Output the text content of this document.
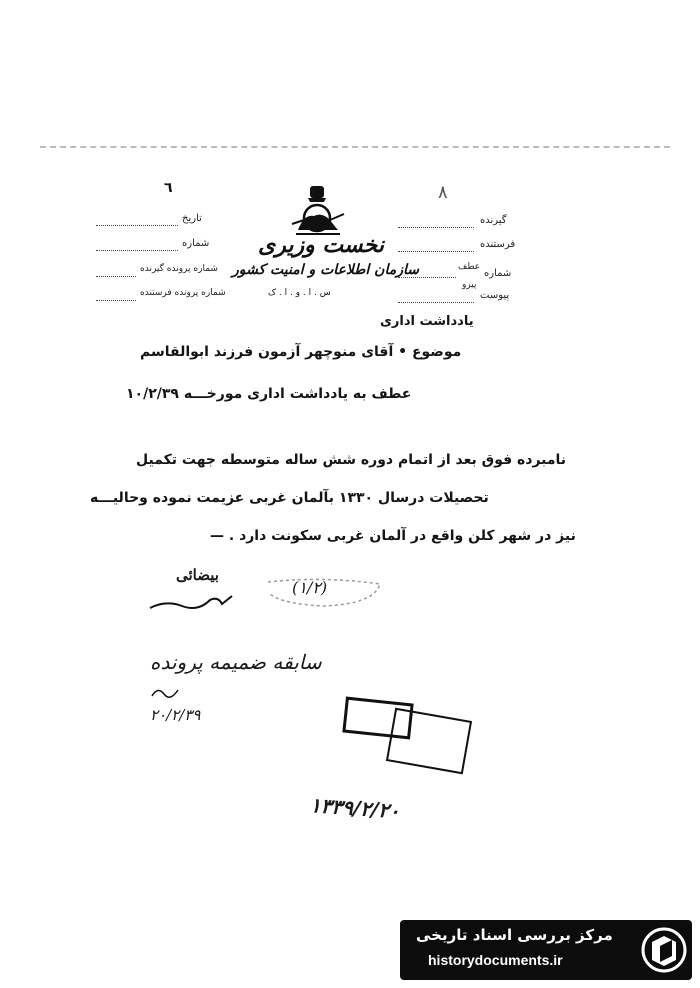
٦	۸
نخست وزیری
سازمان اطلاعات و امنیت کشور
س . ا . و . ا . ک
تاریخ
شماره
شماره پرونده گیرنده
شماره پرونده فرستنده
گیرنده
فرستنده
عطف
پیرو
شماره
پیوست
یادداشت اداری
موضوع • آقای منوچهر آزمون فرزند ابوالقاسم
عطف به یادداشت اداری مورخـــه ۱۰/۲/۳۹
نامبرده فوق بعد از اتمام دوره شش ساله متوسطه جهت تکمیل
تحصیلات درسال ۱۳۳۰ بآلمان غربی عزیمت نموده وحالیـــه
نیز در شهر کلن واقع در آلمان غربی سکونت دارد . —
بیضائی
(۱/۲)
سابقه ضمیمه پرونده
۲۰/۲/۳۹
۱۳۳۹/۲/۲۰
مرکز بررسی اسناد تاریخی
historydocuments.ir
